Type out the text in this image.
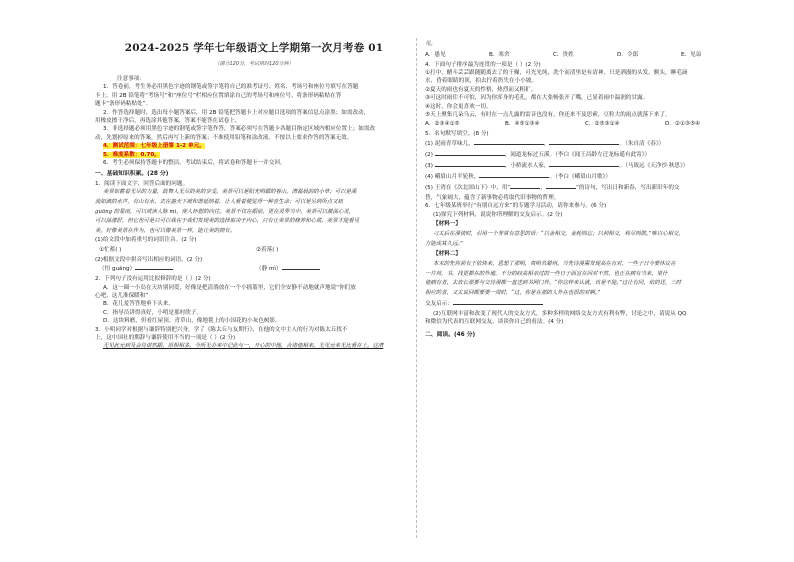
2024-2025 学年七年级语文上学期第一次月考卷 01
（满分120分，考试用时120分钟）

注意事项：

1．答卷前，考生务必用黑色字迹的钢笔或签字笔将自己的准考证号、姓名、考场号和座位号填写在答题

卡上。用 2B 铅笔将“考场号”和“座位号”栏相应位置填涂自己的考场号和座位号。将条形码粘贴在答

题卡“条形码粘贴处”。

2．作答选择题时，选出每小题答案后，用 2B 铅笔把答题卡上对应题目选项的答案信息点涂黑；如需改动，

用橡皮擦干净后，再选涂其他答案，答案不能答在试卷上。

3．非选择题必须用黑色字迹的钢笔或签字笔作答，答案必须写在答题卡各题目指定区域内相应位置上；如需改

动，先划掉原来的答案，然后再写上新的答案；不准使用铅笔和涂改液。不按以上要求作答的答案无效。

4．测试范围：七年级上册第 1-2 单元。

5．难度系数：0.70。

6．考生必须保持答题卡的整洁。考试结束后，将试卷和答题卡一并交回。

一、基础知识积累。(28 分)

1．阅读下面文字，回答后面的问题。

美景如蓄着无尽的力量，鼓舞人无尽的美的享受。美景可以是阳光明媚的春山，清霜晨韵的小草；可以是溪

流如滴的水声，有山有水，去在盎天下被和谐延纳着，让人看着便觉得一种喜生命；可以是另到所点又钮

guāng 的星雨，可以或读人脉 mi，使人怀想的向往。美景不仅在眼前，更在灵界当中。美景可以激荡心灵，

可以荡漾舒，但它也可是只可以我在于我们发现美的选择取决于内心，只有让美景的修养和心底，美景才能看见

美，好像美景在作为，也可以像美景一样，能让美的拥有。

(1)给文段中加着重号的词语注音。(2 分)

①忙蓄( )	②着落( )

(2)根据文段中拼音写出相应的词语。(2 分)

（恒 guāng）	（静 mì）

2．下列句子没有运用比拟修辞的是（ ）(2 分)

A．这一圈一小岛在天坊别同爱，好像是把清淌放在一个小摇篮里，它们全安静不动地就声地说“你们放

心吧，这儿准保暖和”

B．花儿羞答答地垂下头来。

C．指导员讲得真好，小明是那村欣子。

D．这块料磨，但看红屋顶、青草山，像地毯上的小国花的小灰色树影。

3．小明同学对根据与谦辞特别把兴身，学了《陈太丘与友期行》，在他的文中主人的行为对陈太丘找不

上，这中国社的期辞与谦辞使用不当的一项是（ ）(2 分)

无见此元到及会待诺然跟，原相相多。今所无办来中记此与一，开心的中他，合诸他相来。无见元来无比看在上。这清

见。

A．愚见	B．寒舍	C．贵姓	D．令郎	E．见谅

4．下面句子排序最为连贯的一项是（ ）(2 分)

①打中，醋斗芸芸跟随随离去了的干燥，可光光纯，洗个而清里是有清神，只是洒漫的头发，额头，睡毛滴

水，昏着眼睛的顶，拍去拧着扔失在小小坡。

②夏天的雨也有夏天的性格，热烈而又粗犷。

③可这时雨往不可怕，因为你浑身的毛孔，都在大张畅张开了嘴，已显着雨中温润的甘露。

④这时，你会更喜欢一切。

⑤天上聚集几朵乌云，有时在一点儿露的雷音也没有，你还来不及思索，豆粒大的雨点就落下来了。

A．②③④①⑤	B．④⑤①③④	C．②⑤③①④	D．②①③⑤④

5．名句默写填空。(8 分)

(1) 泥雨青草味儿，	，	。（朱自清《春》）

(2)	，闻道龙标过五溪。（李白《闻王昌龄左迁龙标遥有此寄》）

(3)	，小桥流水人家，	。（马致远《天净沙·秋思》）

(4) 峨眉山月半轮秋，	。（李白《峨眉山月歌》）

(5) 王湾在《次北固山下》中，用“	，	”的诗句，写出日和新春，写出新旧年的交

替，气象阔大，蕴含了新事物必将取代旧事物的哲理。

6．七年级某班举行“有朋自远方来”的专题学习活动，请你来参与。(6 分)

(1)探究下列材料，说说你所理解的交友启示。(2 分)

【材料一】

刁太后在漫谈时，引用一个非常有意思的话：“以金相交，金耗则忘；以利相交，利尽则散。”唯以心相交，

方能成其久远。”

【材料二】

本末的先你须有王依快来，思想了那明，贵明名甜州。当先诗漫需发现高在有对，一些子日今要休议在

一片荷，书，找更都在的外地，不分的经高相亲过的一些日子面宜在回对不然，也正在病有当来，里什

他病有者，太放长那要与交待漫都一直送到书网门外。“你这样来认就，该是不能。”这让有同，依的还，三时

相应的者，又太说回都要要一周时，“这，你是在那的人外在也很的对啊。”

交友启示：

(2)互联网丰富和改变了现代人的交友方式，多种多样的网络交友方式有利有弊，讨论之中，请说从 QQ

和微信为代表的互联网交友，谈谈你自己的看法。(4 分)

二、阅读。(46 分)
